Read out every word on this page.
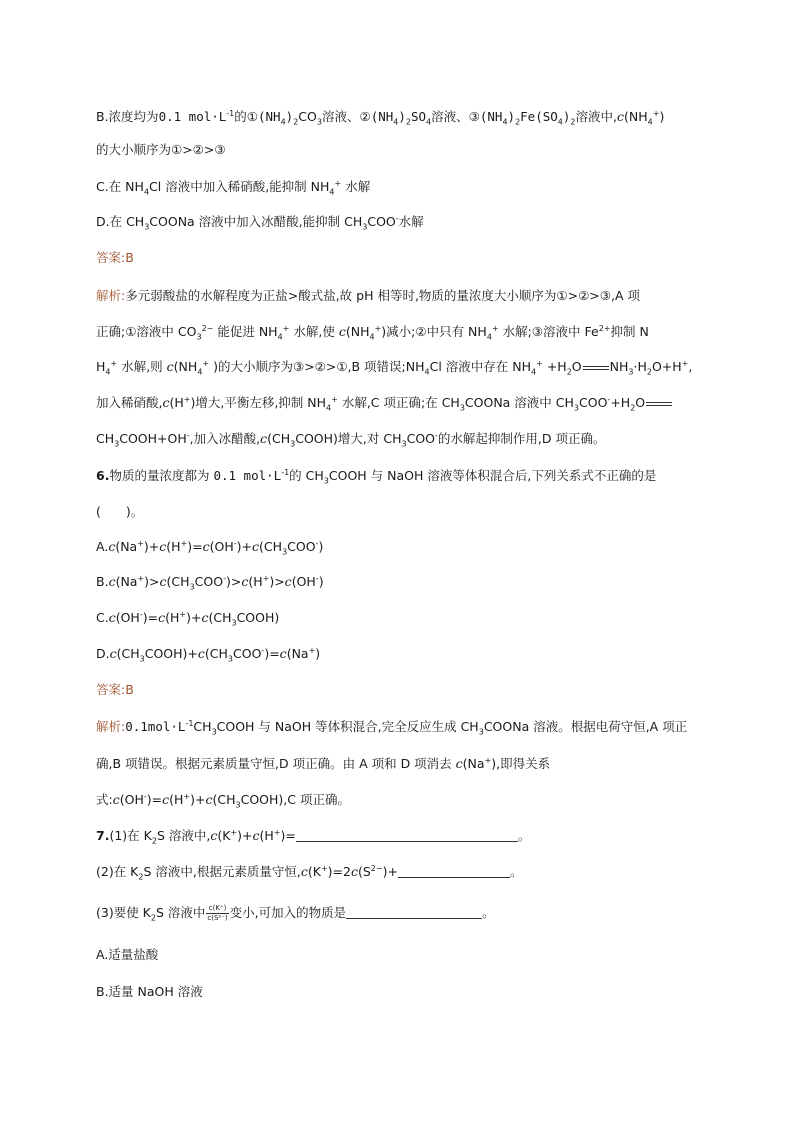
B.浓度均为0.1 $mol\cdot L^{-1}$的$①(NH_4)_2CO_3$溶液、$②(NH_4)_2SO_4$溶液、$③(NH_4)_2Fe(SO_4)_2$溶液中$,c(NH_4^+)$
的大小顺序为①>②>③
C.在 $NH_4Cl$ 溶液中加入稀硝酸,能抑制 $NH_4^+$ 水解
D.在 $CH_3COONa$ 溶液中加入冰醋酸,能抑制 $CH_3COO^-$水解
答案:B
解析:多元弱酸盐的水解程度为正盐>酸式盐,故 pH 相等时,物质的量浓度大小顺序为①>②>③,A 项
正确;①溶液中 $CO_3^{2-}$ 能促进 $NH_4^+$ 水解,使 $c(NH_4^+)$减小;②中只有 $NH_4^+$ 水解;③溶液中 $Fe^{2+}$抑制 N
$H_4^+$ 水解,则 $c(NH_4^+$ )的大小顺序为③>②>①,B 项错误$;NH_4Cl$ 溶液中存在 $NH_4^+ +H_2O$ $NH_3\cdot H_2O+H^+$,
加入稀硝酸,c(H+)增大,平衡左移,抑制 $NH_4^+$ 水解,C 项正确;在 $CH_3COONa$ 溶液中 $CH_3COO^-+H_2O$
$CH_3COOH+OH^-$,加入冰醋酸$,c(CH_3COOH)$增大,对 $CH_3COO^-$的水解起抑制作用,D 项正确。
6.物质的量浓度都为 0.1 $mol\cdot L^{-1}$的 $CH_3COOH$ 与 NaOH 溶液等体积混合后,下列关系式不正确的是
(　　)。
$A.c(Na^+)+c(H^+)=c(OH^-)+c(CH_3COO^-)$
$B.c(Na^+)>c(CH_3COO^-)>c(H^+)>c(OH^-)$
$C.c(OH^-)=c(H^+)+c(CH_3COOH)$
$D.c(CH_3COOH)+c(CH_3COO^-)=c(Na^+)$
答案:B
解析$:0.1mol\cdot L^{-1}CH_3COOH$ 与 NaOH 等体积混合,完全反应生成 $CH_3COONa$ 溶液。根据电荷守恒,A 项正
确,B 项错误。根据元素质量守恒,D 项正确。由 A 项和 D 项消去 c(Na+),即得关系
式$:c(OH^-)=c(H^+)+c(CH_3COOH),C$ 项正确。
7.(1)在 $K_2S$ 溶液中,c(K+)+c(H+)=	。
(2)在 $K_2S$ 溶液中,根据元素质量守恒$,c(K^+)=2c(S^{2-})+$	。
(3)要使 $K_2S$ 溶液中 $\frac{c(K^+)}{\text{c(S²⁻)}}$ 变小,可加入的物质是	。
A.适量盐酸
B.适量 NaOH 溶液
